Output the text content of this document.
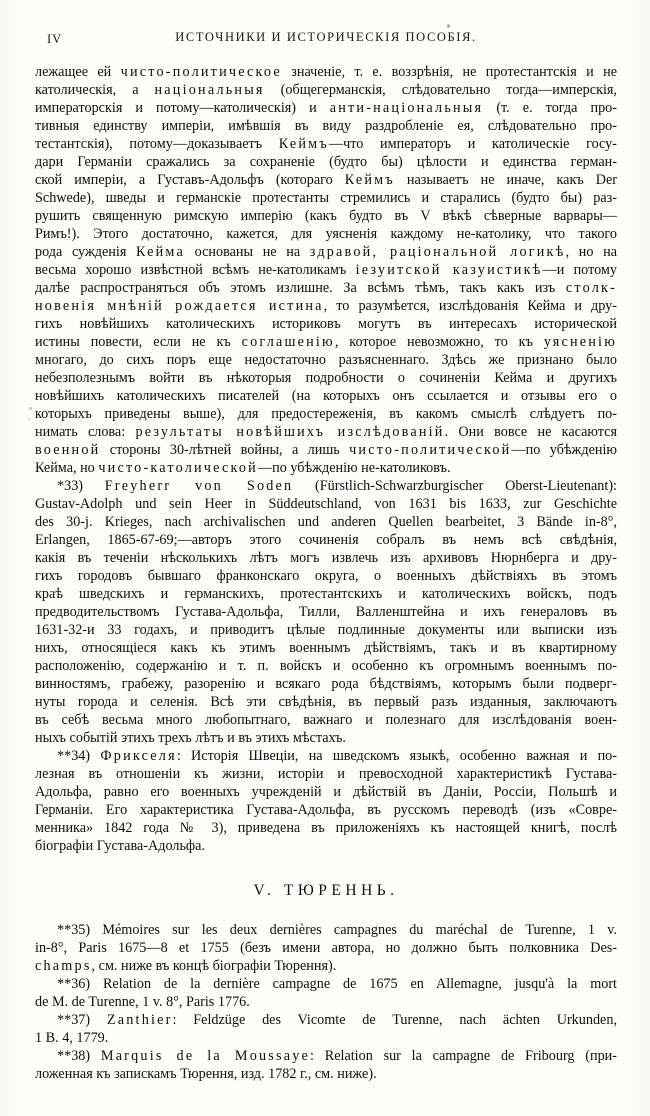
IV	ИСТОЧНИКИ И ИСТОРИЧЕСКІЯ ПОСОБІЯ.
лежащее ей чисто-политическое значеніе, т. е. воззрѣнія, не протестантскія и не
католическія, а національныя (общегерманскія, слѣдовательно тогда—имперскія,
императорскія и потому—католическія) и анти-національныя (т. е. тогда про-
тивныя единству имперіи, имѣвшія въ виду раздробленіе ея, слѣдовательно про-
тестантскія), потому—доказываетъ Кеймъ—что императоръ и католическіе госу-
дари Германіи сражались за сохраненіе (будто бы) цѣлости и единства герман-
ской имперіи, а Густавъ-Адольфъ (котораго Кеймъ называетъ не иначе, какъ Der
Schwede), шведы и германскіе протестанты стремились и старались (будто бы) раз-
рушить священную римскую имперію (какъ будто въ V вѣкѣ сѣверные варвары—
Римъ!). Этого достаточно, кажется, для уясненія каждому не-католику, что такого
рода сужденія Кейма основаны не на здравой, раціональной логикѣ, но на
весьма хорошо извѣстной всѣмъ не-католикамъ іезуитской казуистикѣ—и потому
далѣе распространяться объ этомъ излишне. За всѣмъ тѣмъ, такъ какъ изъ столк-
новенія мнѣній рождается истина, то разумѣется, изслѣдованія Кейма и дру-
гихъ новѣйшихъ католическихъ историковъ могутъ въ интересахъ исторической
истины повести, если не къ соглашенію, которое невозможно, то къ уясненію
многаго, до сихъ поръ еще недостаточно разъясненнаго. Здѣсь же признано было
небезполезнымъ войти въ нѣкоторыя подробности о сочиненіи Кейма и другихъ
новѣйшихъ католическихъ писателей (на которыхъ онъ ссылается и отзывы его о
которыхъ приведены выше), для предостереженія, въ какомъ смыслѣ слѣдуетъ по-
нимать слова: результаты новѣйшихъ изслѣдованій. Они вовсе не касаются
военной стороны 30-лѣтней войны, а лишь чисто-политической—по убѣжденію
Кейма, но чисто-католической—по убѣжденію не-католиковъ.
*33) Freyherr von Soden (Fürstlich-Schwarzburgischer Oberst-Lieutenant):
Gustav-Adolph und sein Heer in Süddeutschland, von 1631 bis 1633, zur Geschichte
des 30-j. Krieges, nach archivalischen und anderen Quellen bearbeitet, 3 Bände in-8°,
Erlangen, 1865-67-69;—авторъ этого сочиненія собралъ въ немъ всѣ свѣдѣнія,
какія въ теченіи нѣсколькихъ лѣтъ могъ извлечь изъ архивовъ Нюрнберга и дру-
гихъ городовъ бывшаго франконскаго округа, о военныхъ дѣйствіяхъ въ этомъ
краѣ шведскихъ и германскихъ, протестантскихъ и католическихъ войскъ, подъ
предводительствомъ Густава-Адольфа, Тилли, Валленштейна и ихъ генераловъ въ
1631-32-и 33 годахъ, и приводитъ цѣлые подлинные документы или выписки изъ
нихъ, относящіеся какъ къ этимъ военнымъ дѣйствіямъ, такъ и въ квартирному
расположенію, содержанію и т. п. войскъ и особенно къ огромнымъ военнымъ по-
винностямъ, грабежу, разоренію и всякаго рода бѣдствіямъ, которымъ были подверг-
нуты города и селенія. Всѣ эти свѣдѣнія, въ первый разъ изданныя, заключаютъ
въ себѣ весьма много любопытнаго, важнаго и полезнаго для изслѣдованія воен-
ныхъ событій этихъ трехъ лѣтъ и въ этихъ мѣстахъ.
**34) Фрикселя: Исторія Швеціи, на шведскомъ языкѣ, особенно важная и по-
лезная въ отношеніи къ жизни, исторіи и превосходной характеристикѣ Густава-
Адольфа, равно его военныхъ учрежденій и дѣйствій въ Даніи, Россіи, Польшѣ и
Германіи. Его характеристика Густава-Адольфа, въ русскомъ переводѣ (изъ «Совре-
менника» 1842 года № 3), приведена въ приложеніяхъ къ настоящей книгѣ, послѣ
біографіи Густава-Адольфа.
V. ТЮРЕННЬ.
**35) Mémoires sur les deux dernières campagnes du maréchal de Turenne, 1 v.
in-8°, Paris 1675—8 et 1755 (безъ имени автора, но должно быть полковника Des-
champs, см. ниже въ концѣ біографіи Тюрення).
**36) Relation de la dernière campagne de 1675 en Allemagne, jusqu'à la mort
de M. de Turenne, 1 v. 8°, Paris 1776.
**37) Zanthier: Feldzüge des Vicomte de Turenne, nach ächten Urkunden,
1 B. 4, 1779.
**38) Marquis de la Moussaye: Relation sur la campagne de Fribourg (при-
ложенная къ запискамъ Тюрення, изд. 1782 г., см. ниже).
